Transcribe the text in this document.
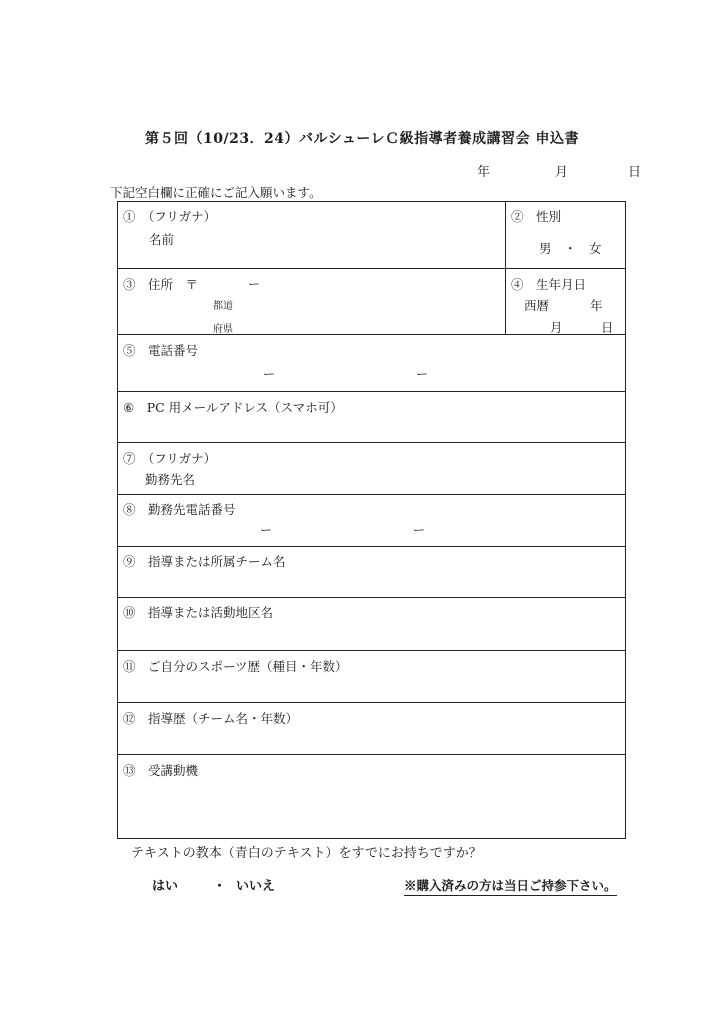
第５回（10/23．24）バルシューレＣ級指導者養成講習会 申込書
年	月	日
下記空白欄に正確にご記入願います。
①　（フリガナ）
名前
②　性別
男　・　女
③　住所　〒	ー
都道
府県
④　生年月日
西暦	年
月	日
⑤　電話番号
ー	ー
⑥　PC 用メールアドレス（スマホ可）
⑦　（フリガナ）
勤務先名
⑧　勤務先電話番号
ー	ー
⑨　指導または所属チーム名
⑩　指導または活動地区名
⑪　ご自分のスポーツ歴（種目・年数）
⑫　指導歴（チーム名・年数）
⑬　受講動機
テキストの教本（青白のテキスト）をすでにお持ちですか？
はい	・ いいえ	※購入済みの方は当日ご持参下さい。
